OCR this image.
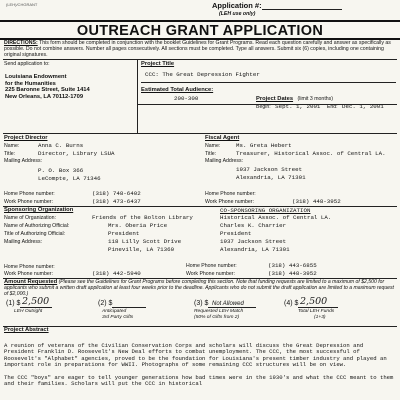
(LEH)/CHGRANT	Application #:
(LEH use only)
OUTREACH GRANT APPLICATION
DIRECTIONS: This form should be completed in conjunction with the booklet Guidelines for Grant Programs. Read each question carefully and answer as specifically as possible. Do not combine answers. Number all pages consecutively. All sections must be completed. Type all answers. Submit six (6) copies, including one containing original signatures.
Send application to:
Louisiana Endowment
for the Humanities
225 Baronne Street, Suite 1414
New Orleans, LA 70112-1709
Project Title
CCC: The Great Depression Fighter
Estimated Total Audience:
200-300	Project Dates (limit 3 months)
Begin: Sept. 1, 2001 End: Dec. 1, 2001
Project Director
Name:	Anna C. Burns
Title:	Director, Library LSUA
Mailing Address:
P. O. Box 366
LeCompte, LA 71346
Home Phone number:	(318) 748-6402
Work Phone number:	(318) 473-6437
Fiscal Agent
Name:	Ms. Greta Hebert
Title:	Treasurer, Historical Assoc. of Central LA.
Mailing Address:
1937 Jackson Street
Alexandria, LA 71301
Home Phone number:
Work Phone number:	(318) 448-3952
Sponsoring Organization
Name of Organization:	Friends of the Bolton Library
Name of Authorizing Official:	Mrs. Oberia Price
Title of Authorizing Official:	President
Mailing Address:	118 Lilly Scott Drive
Pineville, LA 71360
Home Phone number:
Work Phone number:	(318) 442-5940
CO-SPONSORING ORGANIZATION
Historical Assoc. of Central LA.
Charles K. Charrier
President
1937 Jackson Street
Alexandria, LA 71301
Home Phone number:	(318) 443-6855
Work Phone number:	(318) 448-3952
Amount Requested (Please see the Guidelines for Grant Programs before completing this section. Note that funding requests are limited to a maximum of $2,500 for applicants who submit a written draft application at least four weeks prior to the deadline. Applicants who do not submit the draft application are limited to a maximum request of $2,000.)
(1) $ 2,500
LEH Outright
(2) $
Anticipated
3rd Party Gifts
(3) $ Not Allowed
Requested LEH Match
(50% of Gifts from 2)
(4) $ 2,500
Total LEH Funds
(1+3)
Project Abstract
A reunion of veterans of the Civilian Conservation Corps and scholars will discuss the Great Depression and President Franklin D. Roosevelt's New Deal efforts to combat unemployment. The CCC, the most successful of Roosevelt's "Alphabet" agencies, proved to be the foundation for Louisiana's present timber industry and played an important role in preparations for WWII. Photographs of some remaining CCC structures will be on view.
The CCC "boys" are eager to tell younger generations how bad times were in the 1930's and what the CCC meant to them and their families. Scholars will put the CCC in historical
